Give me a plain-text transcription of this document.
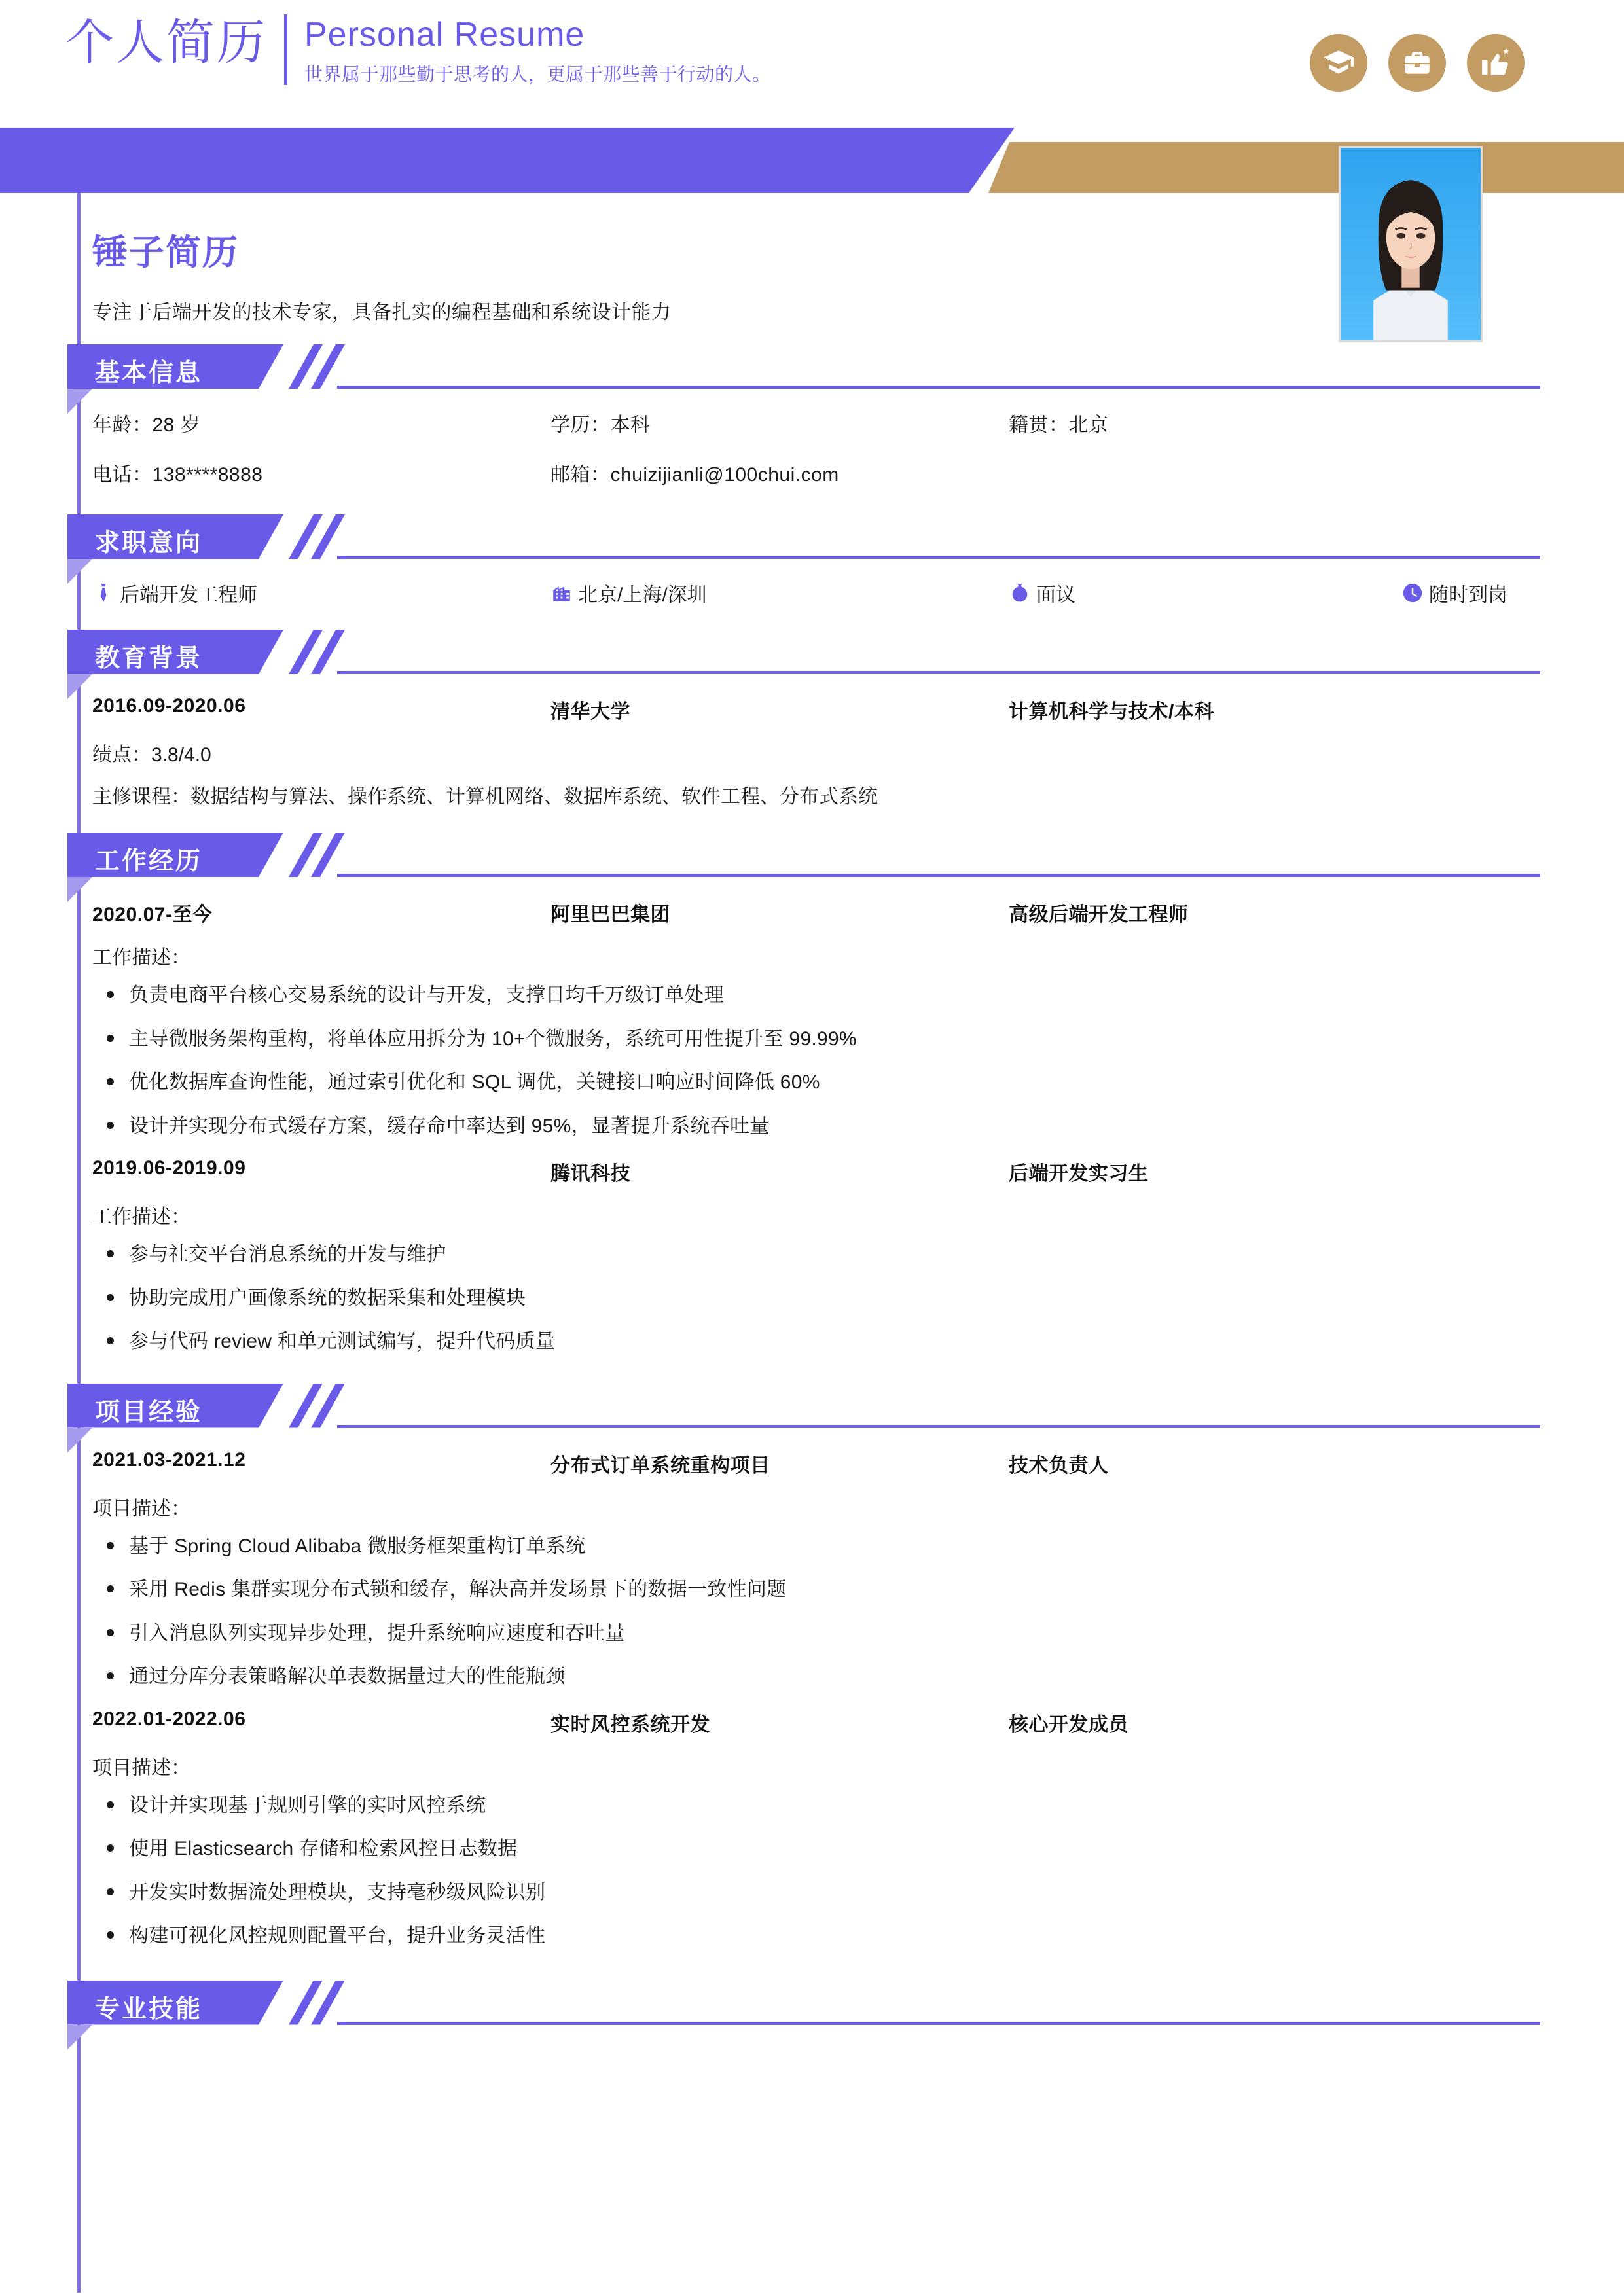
个人简历 Personal Resume
世界属于那些勤于思考的人，更属于那些善于行动的人。
锤子简历
专注于后端开发的技术专家，具备扎实的编程基础和系统设计能力
基本信息
年龄：28 岁	学历：本科	籍贯：北京
电话：138****8888	邮箱：chuizijianli@100chui.com
求职意向
后端开发工程师	北京/上海/深圳	面议	随时到岗
教育背景
2016.09-2020.06	清华大学	计算机科学与技术/本科
绩点：3.8/4.0
主修课程：数据结构与算法、操作系统、计算机网络、数据库系统、软件工程、分布式系统
工作经历
2020.07-至今	阿里巴巴集团	高级后端开发工程师
工作描述：
负责电商平台核心交易系统的设计与开发，支撑日均千万级订单处理
主导微服务架构重构，将单体应用拆分为 10+个微服务，系统可用性提升至 99.99%
优化数据库查询性能，通过索引优化和 SQL 调优，关键接口响应时间降低 60%
设计并实现分布式缓存方案，缓存命中率达到 95%，显著提升系统吞吐量
2019.06-2019.09	腾讯科技	后端开发实习生
工作描述：
参与社交平台消息系统的开发与维护
协助完成用户画像系统的数据采集和处理模块
参与代码 review 和单元测试编写，提升代码质量
项目经验
2021.03-2021.12	分布式订单系统重构项目	技术负责人
项目描述：
基于 Spring Cloud Alibaba 微服务框架重构订单系统
采用 Redis 集群实现分布式锁和缓存，解决高并发场景下的数据一致性问题
引入消息队列实现异步处理，提升系统响应速度和吞吐量
通过分库分表策略解决单表数据量过大的性能瓶颈
2022.01-2022.06	实时风控系统开发	核心开发成员
项目描述：
设计并实现基于规则引擎的实时风控系统
使用 Elasticsearch 存储和检索风控日志数据
开发实时数据流处理模块，支持毫秒级风险识别
构建可视化风控规则配置平台，提升业务灵活性
专业技能
